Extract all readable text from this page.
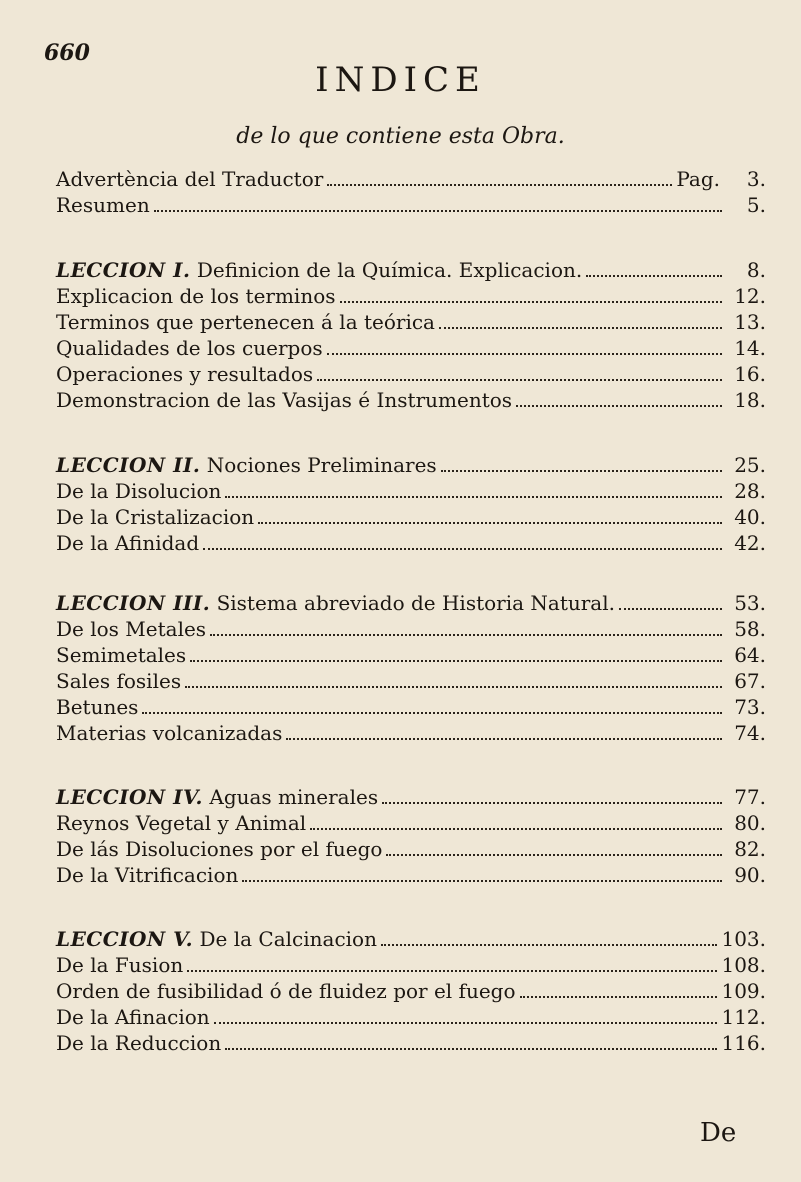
660
INDICE
de lo que contiene esta Obra.
Advertència del Traductor	Pag.	3.
Resumen	5.
LECCION I. Definicion de la Química. Explicacion.	8.
Explicacion de los terminos	12.
Terminos que pertenecen á la teórica	13.
Qualidades de los cuerpos	14.
Operaciones y resultados	16.
Demonstracion de las Vasijas é Instrumentos	18.
LECCION II. Nociones Preliminares	25.
De la Disolucion	28.
De la Cristalizacion	40.
De la Afinidad	42.
LECCION III. Sistema abreviado de Historia Natural.	53.
De los Metales	58.
Semimetales	64.
Sales fosiles	67.
Betunes	73.
Materias volcanizadas	74.
LECCION IV. Aguas minerales	77.
Reynos Vegetal y Animal	80.
De lás Disoluciones por el fuego	82.
De la Vitrificacion	90.
LECCION V. De la Calcinacion	103.
De la Fusion	108.
Orden de fusibilidad ó de fluidez por el fuego	109.
De la Afinacion	112.
De la Reduccion	116.
De
